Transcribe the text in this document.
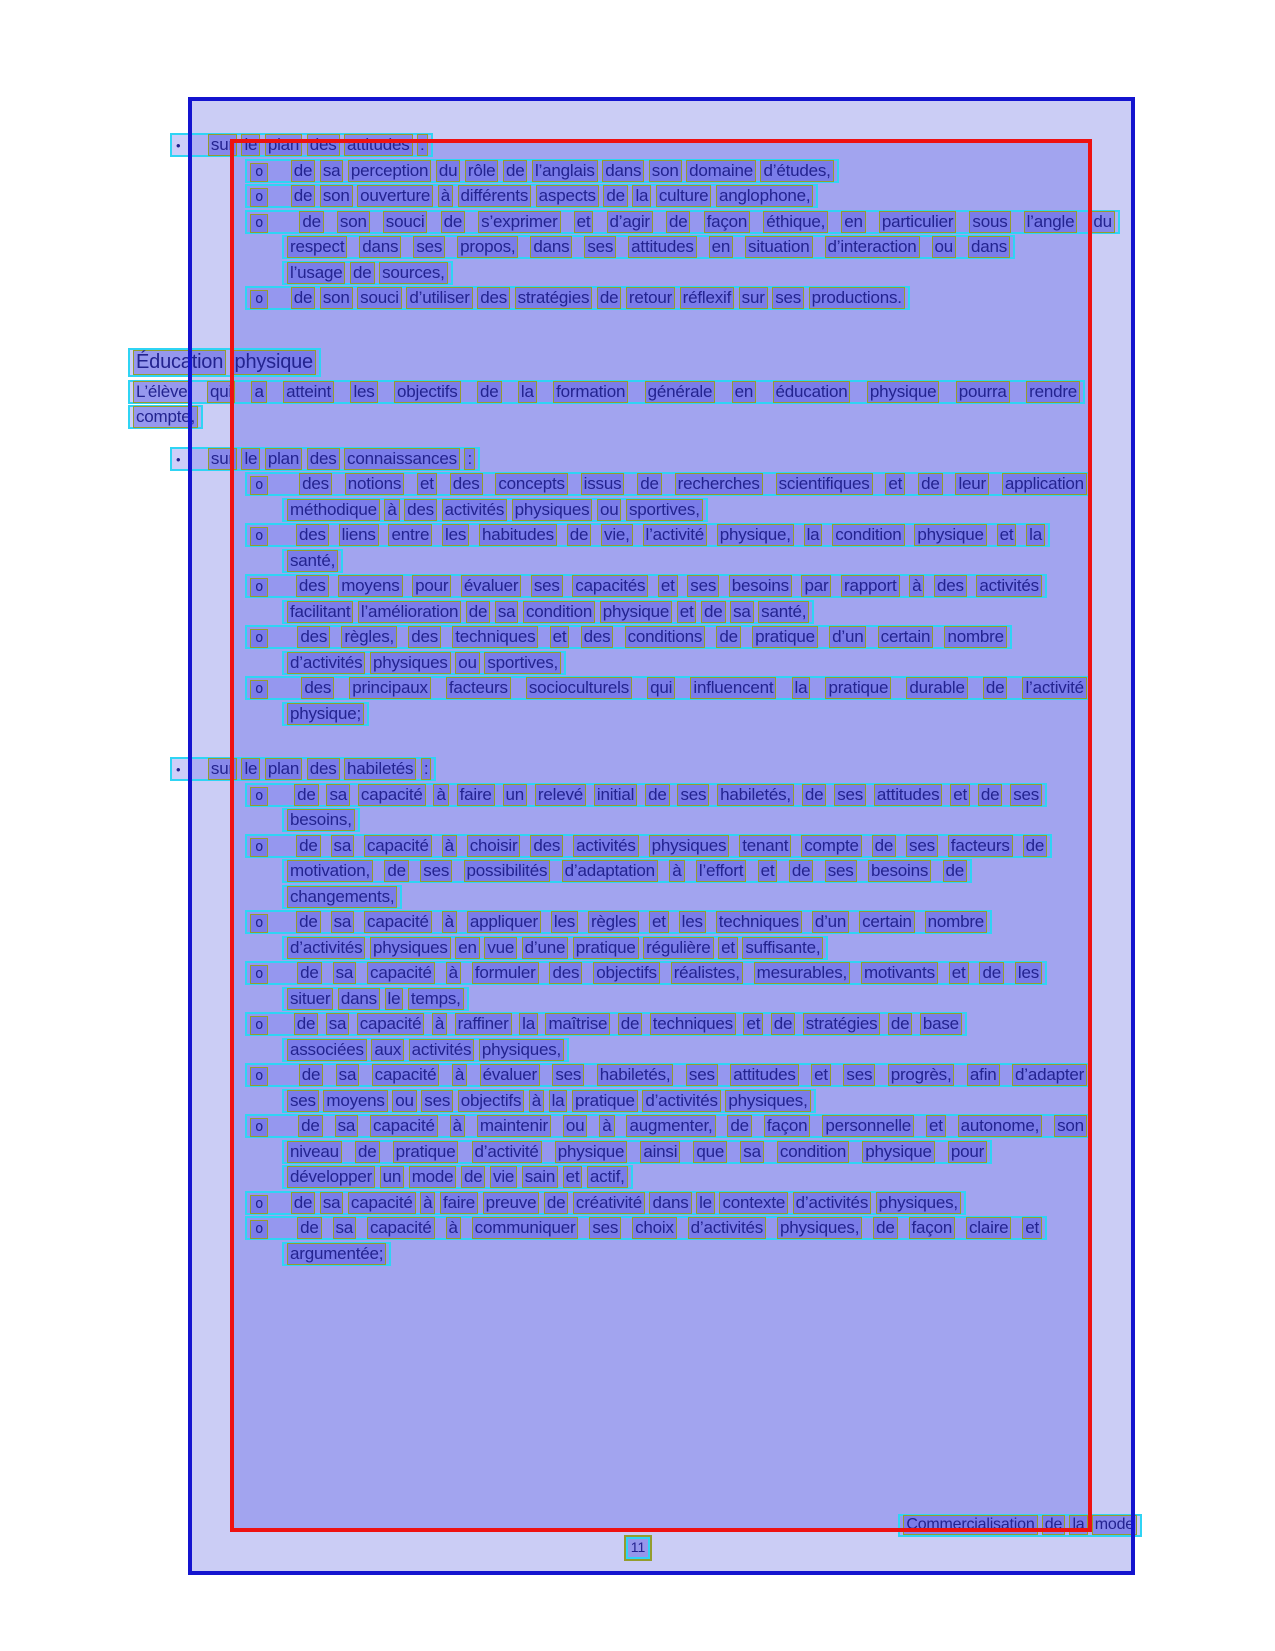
• sur le plan des attitudes :
o de sa perception du rôle de l’anglais dans son domaine d’études,
o de son ouverture à différents aspects de la culture anglophone,
o de son souci de s’exprimer et d’agir de façon éthique, en particulier sous l’angle du
respect dans ses propos, dans ses attitudes en situation d’interaction ou dans
l’usage de sources,
o de son souci d’utiliser des stratégies de retour réflexif sur ses productions.
Éducation physique
L’élève qui a atteint les objectifs de la formation générale en éducation physique pourra rendre
compte,
• sur le plan des connaissances :
o des notions et des concepts issus de recherches scientifiques et de leur application
méthodique à des activités physiques ou sportives,
o des liens entre les habitudes de vie, l’activité physique, la condition physique et la
santé,
o des moyens pour évaluer ses capacités et ses besoins par rapport à des activités
facilitant l’amélioration de sa condition physique et de sa santé,
o des règles, des techniques et des conditions de pratique d’un certain nombre
d’activités physiques ou sportives,
o des principaux facteurs socioculturels qui influencent la pratique durable de l’activité
physique;
• sur le plan des habiletés :
o de sa capacité à faire un relevé initial de ses habiletés, de ses attitudes et de ses
besoins,
o de sa capacité à choisir des activités physiques tenant compte de ses facteurs de
motivation, de ses possibilités d’adaptation à l’effort et de ses besoins de
changements,
o de sa capacité à appliquer les règles et les techniques d’un certain nombre
d’activités physiques en vue d’une pratique régulière et suffisante,
o de sa capacité à formuler des objectifs réalistes, mesurables, motivants et de les
situer dans le temps,
o de sa capacité à raffiner la maîtrise de techniques et de stratégies de base
associées aux activités physiques,
o de sa capacité à évaluer ses habiletés, ses attitudes et ses progrès, afin d’adapter
ses moyens ou ses objectifs à la pratique d’activités physiques,
o de sa capacité à maintenir ou à augmenter, de façon personnelle et autonome, son
niveau de pratique d’activité physique ainsi que sa condition physique pour
développer un mode de vie sain et actif,
o de sa capacité à faire preuve de créativité dans le contexte d’activités physiques,
o de sa capacité à communiquer ses choix d’activités physiques, de façon claire et
argumentée;
Commercialisation de la mode
11
